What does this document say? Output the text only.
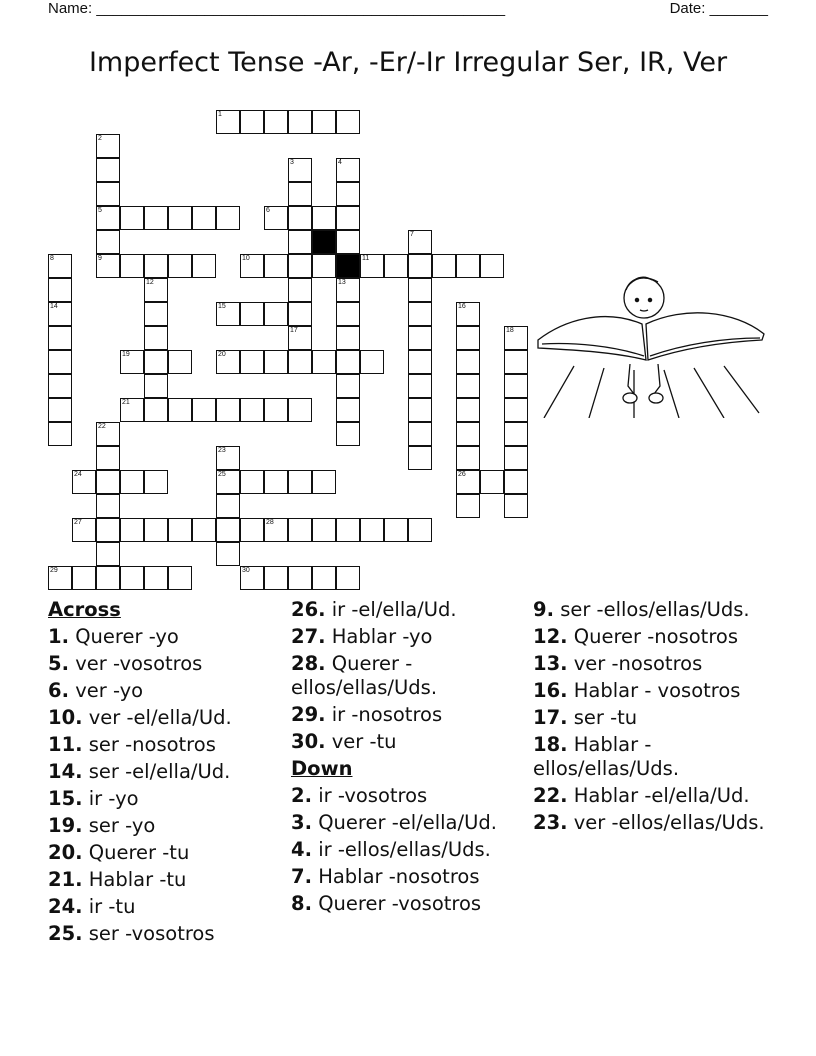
Name: _________________________________________________	Date: _______
Imperfect Tense -Ar, -Er/-Ir Irregular Ser, IR, Ver
1
2
5
3
17
4
13
6
7
8
14
9	10	11
12
15	16
26
18
19	20
21
22
23
25
24
27	28
29	30
Across
1. Querer -yo
5. ver -vosotros
6. ver -yo
10. ver -el/ella/Ud.
11. ser -nosotros
14. ser -el/ella/Ud.
15. ir -yo
19. ser -yo
20. Querer -tu
21. Hablar -tu
24. ir -tu
25. ser -vosotros
26. ir -el/ella/Ud.
27. Hablar -yo
28. Querer -ellos/ellas/Uds.
29. ir -nosotros
30. ver -tu
Down
2. ir -vosotros
3. Querer -el/ella/Ud.
4. ir -ellos/ellas/Uds.
7. Hablar -nosotros
8. Querer -vosotros
9. ser -ellos/ellas/Uds.
12. Querer -nosotros
13. ver -nosotros
16. Hablar - vosotros
17. ser -tu
18. Hablar -ellos/ellas/Uds.
22. Hablar -el/ella/Ud.
23. ver -ellos/ellas/Uds.
